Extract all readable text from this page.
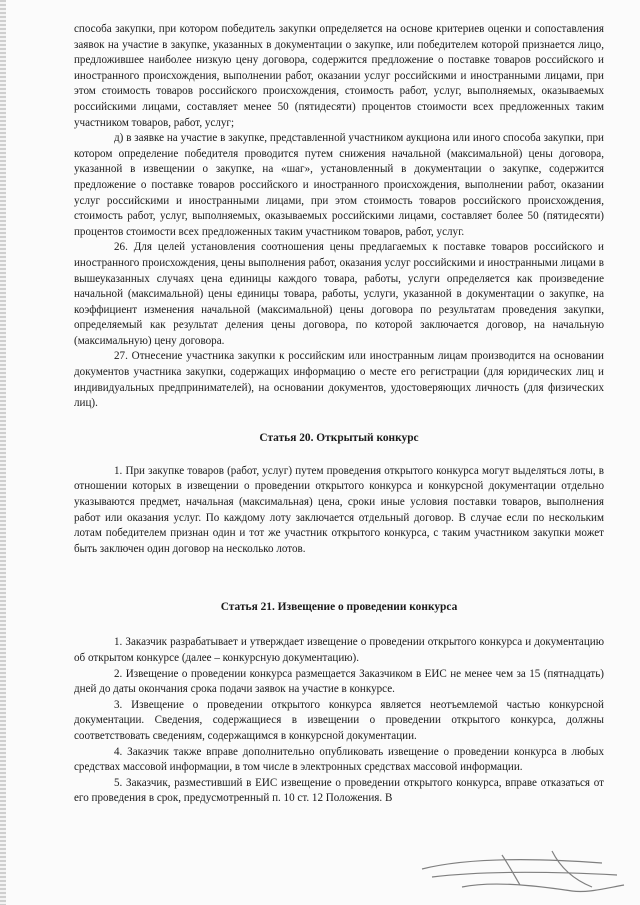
способа закупки, при котором победитель закупки определяется на основе критериев оценки и сопоставления заявок на участие в закупке, указанных в документации о закупке, или победителем которой признается лицо, предложившее наиболее низкую цену договора, содержится предложение о поставке товаров российского и иностранного происхождения, выполнении работ, оказании услуг российскими и иностранными лицами, при этом стоимость товаров российского происхождения, стоимость работ, услуг, выполняемых, оказываемых российскими лицами, составляет менее 50 (пятидесяти) процентов стоимости всех предложенных таким участником товаров, работ, услуг;

д) в заявке на участие в закупке, представленной участником аукциона или иного способа закупки, при котором определение победителя проводится путем снижения начальной (максимальной) цены договора, указанной в извещении о закупке, на «шаг», установленный в документации о закупке, содержится предложение о поставке товаров российского и иностранного происхождения, выполнении работ, оказании услуг российскими и иностранными лицами, при этом стоимость товаров российского происхождения, стоимость работ, услуг, выполняемых, оказываемых российскими лицами, составляет более 50 (пятидесяти) процентов стоимости всех предложенных таким участником товаров, работ, услуг.

26. Для целей установления соотношения цены предлагаемых к поставке товаров российского и иностранного происхождения, цены выполнения работ, оказания услуг российскими и иностранными лицами в вышеуказанных случаях цена единицы каждого товара, работы, услуги определяется как произведение начальной (максимальной) цены единицы товара, работы, услуги, указанной в документации о закупке, на коэффициент изменения начальной (максимальной) цены договора по результатам проведения закупки, определяемый как результат деления цены договора, по которой заключается договор, на начальную (максимальную) цену договора.

27. Отнесение участника закупки к российским или иностранным лицам производится на основании документов участника закупки, содержащих информацию о месте его регистрации (для юридических лиц и индивидуальных предпринимателей), на основании документов, удостоверяющих личность (для физических лиц).

Статья 20. Открытый конкурс

1. При закупке товаров (работ, услуг) путем проведения открытого конкурса могут выделяться лоты, в отношении которых в извещении о проведении открытого конкурса и конкурсной документации отдельно указываются предмет, начальная (максимальная) цена, сроки иные условия поставки товаров, выполнения работ или оказания услуг. По каждому лоту заключается отдельный договор. В случае если по нескольким лотам победителем признан один и тот же участник открытого конкурса, с таким участником закупки может быть заключен один договор на несколько лотов.

Статья 21. Извещение о проведении конкурса

1. Заказчик разрабатывает и утверждает извещение о проведении открытого конкурса и документацию об открытом конкурсе (далее – конкурсную документацию).

2. Извещение о проведении конкурса размещается Заказчиком в ЕИС не менее чем за 15 (пятнадцать) дней до даты окончания срока подачи заявок на участие в конкурсе.

3. Извещение о проведении открытого конкурса является неотъемлемой частью конкурсной документации. Сведения, содержащиеся в извещении о проведении открытого конкурса, должны соответствовать сведениям, содержащимся в конкурсной документации.

4. Заказчик также вправе дополнительно опубликовать извещение о проведении конкурса в любых средствах массовой информации, в том числе в электронных средствах массовой информации.

5. Заказчик, разместивший в ЕИС извещение о проведении открытого конкурса, вправе отказаться от его проведения в срок, предусмотренный п. 10 ст. 12 Положения. В
